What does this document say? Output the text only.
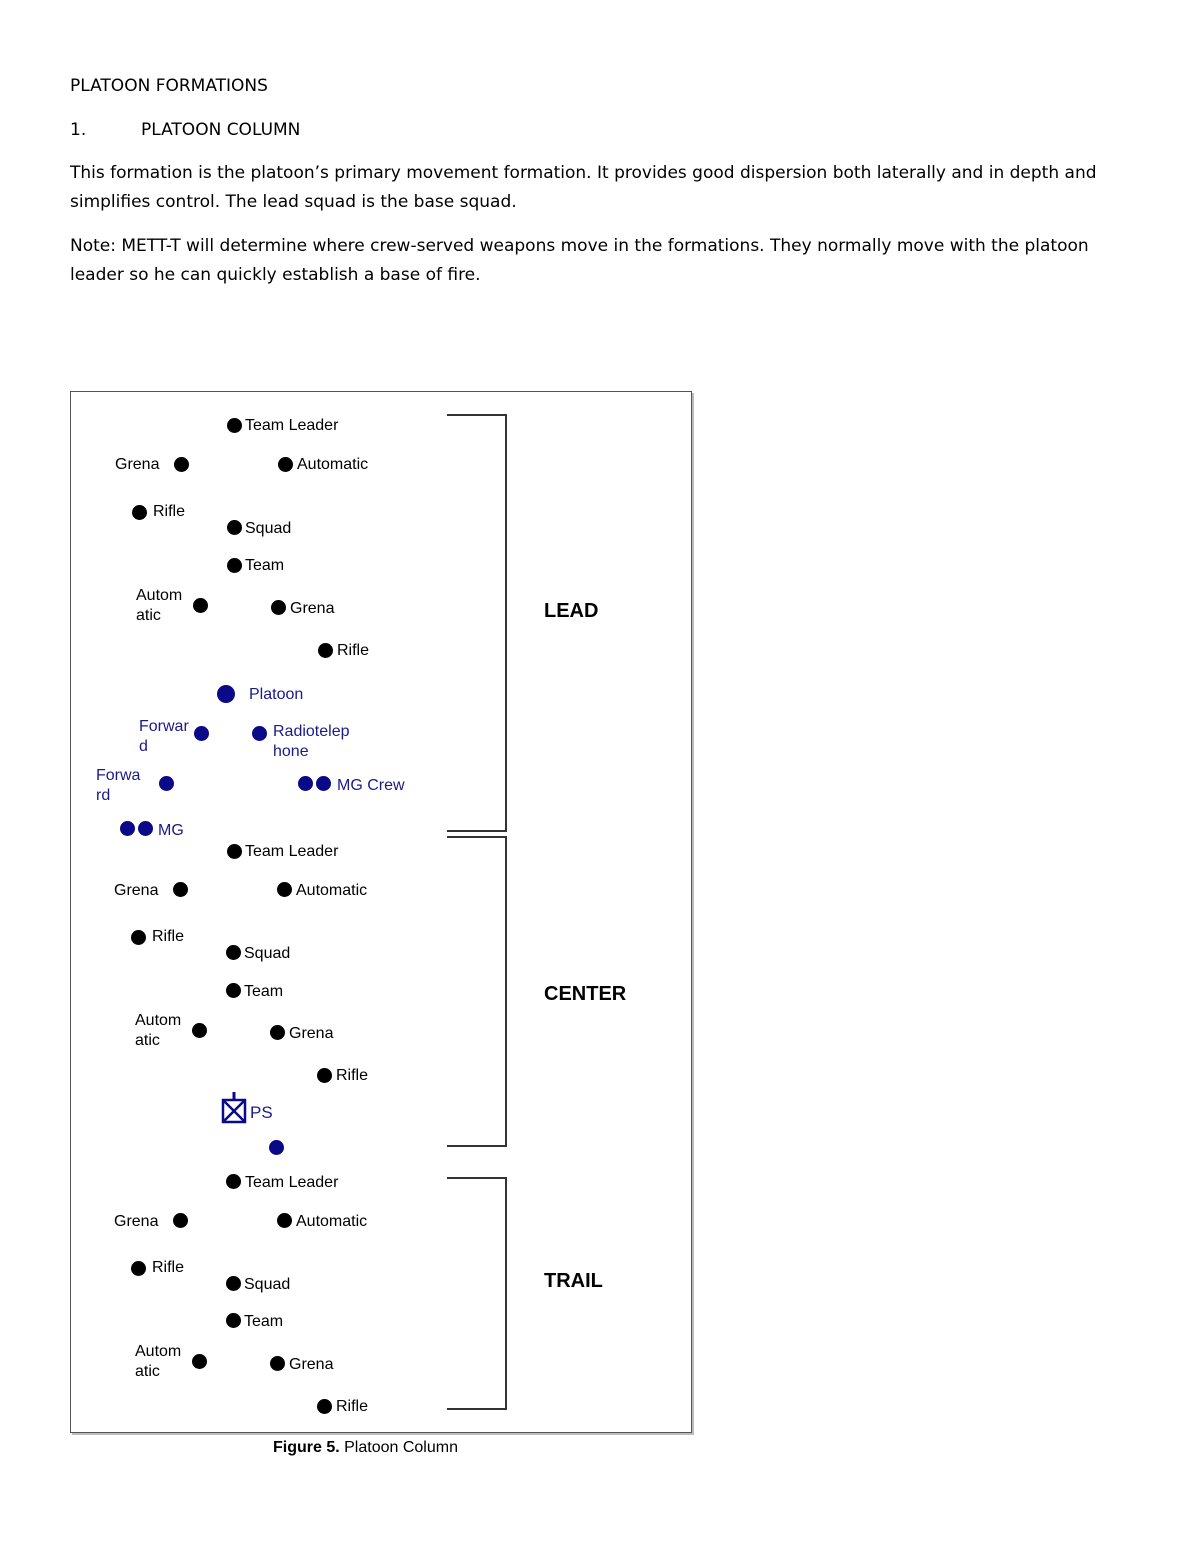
PLATOON FORMATIONS
1.	PLATOON COLUMN
This formation is the platoon’s primary movement formation. It provides good dispersion both laterally and in depth and simplifies control. The lead squad is the base squad.
Note: METT-T will determine where crew-served weapons move in the formations. They normally move with the platoon leader so he can quickly establish a base of fire.
Team Leader
Grena	Automatic
Rifle
Squad
Team
Autom atic	Grena
Rifle
Platoon
Forwar d
Radiotelep hone
Forwa rd
MG Crew
MG
Team Leader
Grena	Automatic
Rifle
Squad
Team
Autom atic	Grena
Rifle
PS
Team Leader
Grena	Automatic
Rifle
Squad
Team
Autom atic	Grena
Rifle
LEAD
CENTER
TRAIL
Figure 5. Platoon Column
